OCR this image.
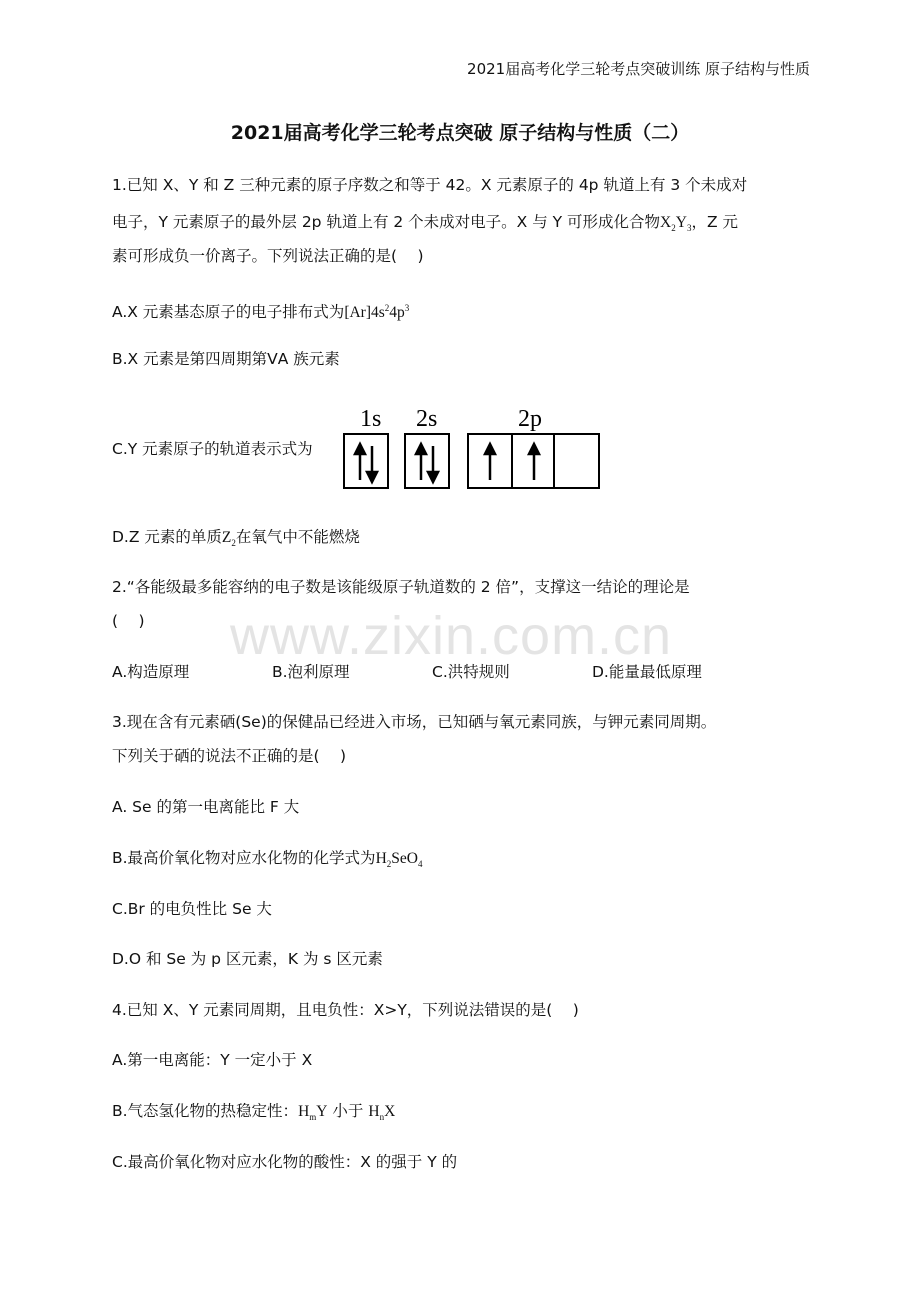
2021届高考化学三轮考点突破训练 原子结构与性质
2021届高考化学三轮考点突破 原子结构与性质（二）
www.zixin.com.cn
1.已知 X、Y 和 Z 三种元素的原子序数之和等于 42。X 元素原子的 4p 轨道上有 3 个未成对
电子，Y 元素原子的最外层 2p 轨道上有 2 个未成对电子。X 与 Y 可形成化合物$X_2Y_3$，Z 元
素可形成负一价离子。下列说法正确的是(　 )
A.X 元素基态原子的电子排布式为$[Ar]4s^24p^3$
B.X 元素是第四周期第ⅤA 族元素
C.Y 元素原子的轨道表示式为
1s 2s	2p
D.Z 元素的单质$Z_2$在氧气中不能燃烧
2.“各能级最多能容纳的电子数是该能级原子轨道数的 2 倍”，支撑这一结论的理论是
(　 )
A.构造原理	B.泡利原理	C.洪特规则	D.能量最低原理
3.现在含有元素硒(Se)的保健品已经进入市场，已知硒与氧元素同族，与钾元素同周期。
下列关于硒的说法不正确的是(　 )
A. Se 的第一电离能比 F 大
B.最高价氧化物对应水化物的化学式为$H_2SeO_4$
C.Br 的电负性比 Se 大
D.O 和 Se 为 p 区元素，K 为 s 区元素
4.已知 X、Y 元素同周期，且电负性：X>Y，下列说法错误的是(　 )
A.第一电离能：Y 一定小于 X
B.气态氢化物的热稳定性：$H_mY$ 小于 $H_nX$
C.最高价氧化物对应水化物的酸性：X 的强于 Y 的
